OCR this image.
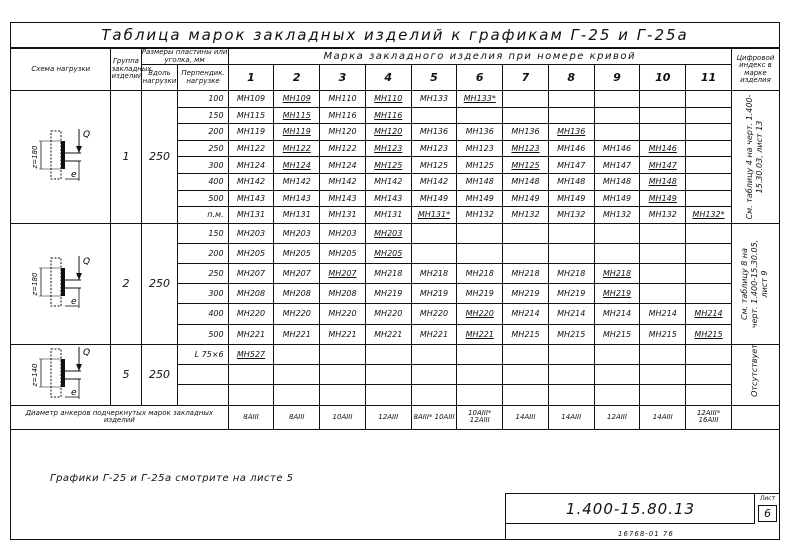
Таблица марок закладных изделий к графикам Г-25 и Г-25а
Схема нагрузки	Группа закладных изделий	Размеры пластины или уголка, мм		Марка закладного изделия при номере кривой											Цифровой индекс в марке изделия
		Вдоль нагрузки	Перпендик. нагрузке	1	2	3	4	5	6	7	8	9	10	11	

Q
e
z=180	1	250	100	МН109	МН109	МН110	МН110	МН133	МН133*						См. таблицу 4 на черт. 1.400-15.30.03, лист 13

			150	МН115	МН115	МН116	МН116								
			200	МН119	МН119	МН120	МН120	МН136	МН136	МН136	МН136				
			250	МН122	МН122	МН122	МН123	МН123	МН123	МН123	МН146	МН146	МН146		
			300	МН124	МН124	МН124	МН125	МН125	МН125	МН125	МН147	МН147	МН147		
			400	МН142	МН142	МН142	МН142	МН142	МН148	МН148	МН148	МН148	МН148		
			500	МН143	МН143	МН143	МН143	МН149	МН149	МН149	МН149	МН149	МН149		
			п.м.	МН131	МН131	МН131	МН131	МН131*	МН132	МН132	МН132	МН132	МН132	МН132*	

Q
e
z=180	2	250	150	МН203	МН203	МН203	МН203								См. таблицу 8 на черт. 1.400-15.30.05, лист 9

			200	МН205	МН205	МН205	МН205								
			250	МН207	МН207	МН207	МН218	МН218	МН218	МН218	МН218	МН218			
			300	МН208	МН208	МН208	МН219	МН219	МН219	МН219	МН219	МН219			
			400	МН220	МН220	МН220	МН220	МН220	МН220	МН214	МН214	МН214	МН214	МН214	
			500	МН221	МН221	МН221	МН221	МН221	МН221	МН215	МН215	МН215	МН215	МН215	

Q
e
z=140	5	250	L 75×6	МН527											Отсутствует

Диаметр анкеров подчеркнутых марок закладных изделий				8AIII	8AIII	10AIII	12AIII	8AIII* 10AIII	10AIII* 12AIII	14AIII	14AIII	12AIII	14AIII	12AIII* 16AIII	
Графики Г-25 и Г-25а смотрите на листе 5
1.400-15.80.13
Лист
6
16768-01 76
